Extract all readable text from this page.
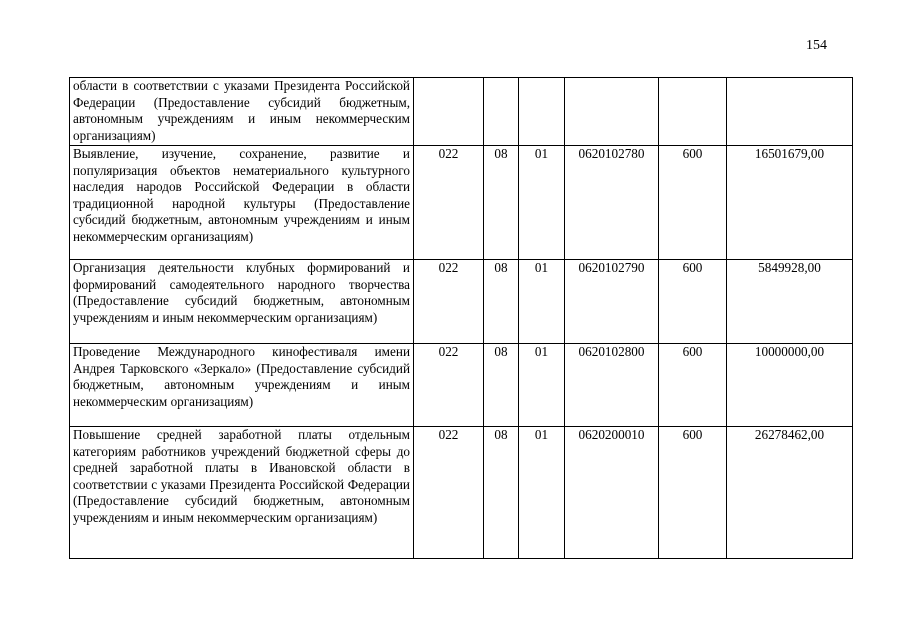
154
области в соответствии с указами Президента Российской Федерации (Предоставление субсидий бюджетным, автономным учреждениям и иным некоммерческим организациям)						
Выявление, изучение, сохранение, развитие и популяризация объектов нематериального культурного наследия народов Российской Федерации в области традиционной народной культуры (Предоставление субсидий бюджетным, автономным учреждениям и иным некоммерческим организациям)	022	08	01	0620102780	600	16501679,00
Организация деятельности клубных формирований и формирований самодеятельного народного творчества (Предоставление субсидий бюджетным, автономным учреждениям и иным некоммерческим организациям)	022	08	01	0620102790	600	5849928,00
Проведение Международного кинофестиваля имени Андрея Тарковского «Зеркало» (Предоставление субсидий бюджетным, автономным учреждениям и иным некоммерческим организациям)	022	08	01	0620102800	600	10000000,00
Повышение средней заработной платы отдельным категориям работников учреждений бюджетной сферы до средней заработной платы в Ивановской области в соответствии с указами Президента Российской Федерации (Предоставление субсидий бюджетным, автономным учреждениям и иным некоммерческим организациям)	022	08	01	0620200010	600	26278462,00
